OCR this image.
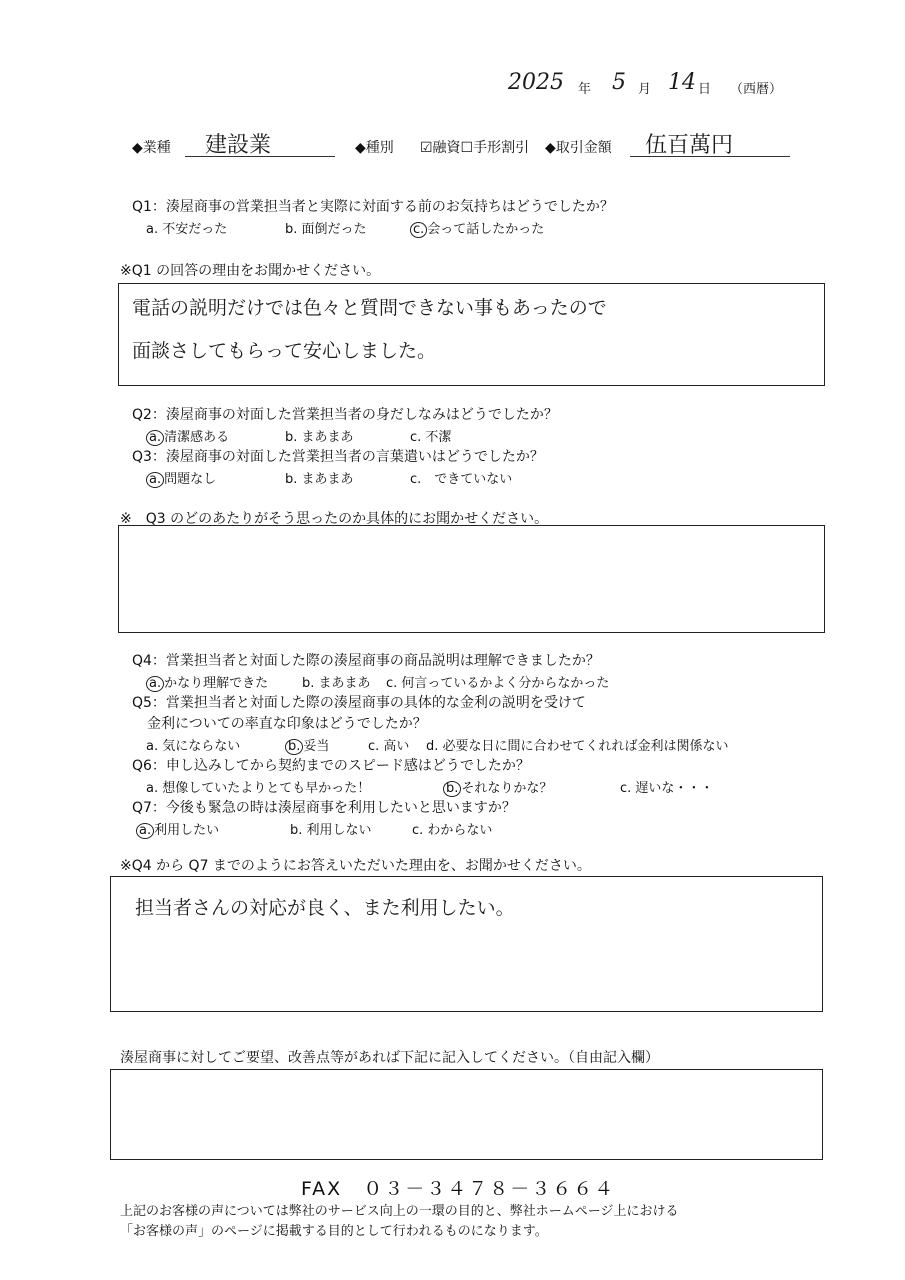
2025 年 5 月 14 日 （西暦）
◆業種 建設業	◆種別 ☑融資☐手形割引 ◆取引金額 伍百萬円
Q1：湊屋商事の営業担当者と実際に対面する前のお気持ちはどうでしたか？
a. 不安だった	b. 面倒だった	c. 会って話したかった
※Q1 の回答の理由をお聞かせください。
電話の説明だけでは色々と質問できない事もあったので
面談さしてもらって安心しました。
Q2：湊屋商事の対面した営業担当者の身だしなみはどうでしたか？
a. 清潔感ある	b. まあまあ	c. 不潔
Q3：湊屋商事の対面した営業担当者の言葉遣いはどうでしたか？
a. 問題なし	b. まあまあ	c.　できていない
※　Q3 のどのあたりがそう思ったのか具体的にお聞かせください。
Q4：営業担当者と対面した際の湊屋商事の商品説明は理解できましたか？
a. かなり理解できた	b. まあまあ c. 何言っているかよく分からなかった
Q5：営業担当者と対面した際の湊屋商事の具体的な金利の説明を受けて
金利についての率直な印象はどうでしたか？
a. 気にならない	b. 妥当	c. 高い d. 必要な日に間に合わせてくれれば金利は関係ない
Q6：申し込みしてから契約までのスピード感はどうでしたか？
a. 想像していたよりとても早かった！	b. それなりかな？	c. 遅いな・・・
Q7：今後も緊急の時は湊屋商事を利用したいと思いますか？
a. 利用したい	b. 利用しない	c. わからない
※Q4 から Q7 までのようにお答えいただいた理由を、お聞かせください。
担当者さんの対応が良く、また利用したい。
湊屋商事に対してご要望、改善点等があれば下記に記入してください。（自由記入欄）
FAX　０３－３４７８－３６６４
上記のお客様の声については弊社のサービス向上の一環の目的と、弊社ホームページ上における
「お客様の声」のページに掲載する目的として行われるものになります。
